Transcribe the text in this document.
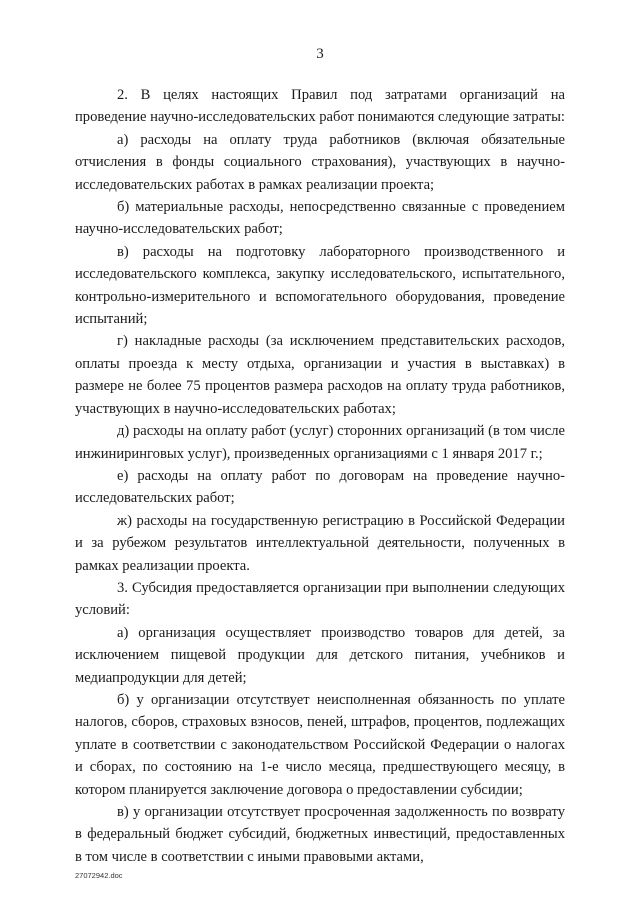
3

2. В целях настоящих Правил под затратами организаций на проведение научно-исследовательских работ понимаются следующие затраты:

а) расходы на оплату труда работников (включая обязательные отчисления в фонды социального страхования), участвующих в научно-исследовательских работах в рамках реализации проекта;

б) материальные расходы, непосредственно связанные с проведением научно-исследовательских работ;

в) расходы на подготовку лабораторного производственного и исследовательского комплекса, закупку исследовательского, испытательного, контрольно-измерительного и вспомогательного оборудования, проведение испытаний;

г) накладные расходы (за исключением представительских расходов, оплаты проезда к месту отдыха, организации и участия в выставках) в размере не более 75 процентов размера расходов на оплату труда работников, участвующих в научно-исследовательских работах;

д) расходы на оплату работ (услуг) сторонних организаций (в том числе инжиниринговых услуг), произведенных организациями с 1 января 2017 г.;

е) расходы на оплату работ по договорам на проведение научно-исследовательских работ;

ж) расходы на государственную регистрацию в Российской Федерации и за рубежом результатов интеллектуальной деятельности, полученных в рамках реализации проекта.

3. Субсидия предоставляется организации при выполнении следующих условий:

а) организация осуществляет производство товаров для детей, за исключением пищевой продукции для детского питания, учебников и медиапродукции для детей;

б) у организации отсутствует неисполненная обязанность по уплате налогов, сборов, страховых взносов, пеней, штрафов, процентов, подлежащих уплате в соответствии с законодательством Российской Федерации о налогах и сборах, по состоянию на 1-е число месяца, предшествующего месяцу, в котором планируется заключение договора о предоставлении субсидии;

в) у организации отсутствует просроченная задолженность по возврату в федеральный бюджет субсидий, бюджетных инвестиций, предоставленных в том числе в соответствии с иными правовыми актами,

27072942.doc
